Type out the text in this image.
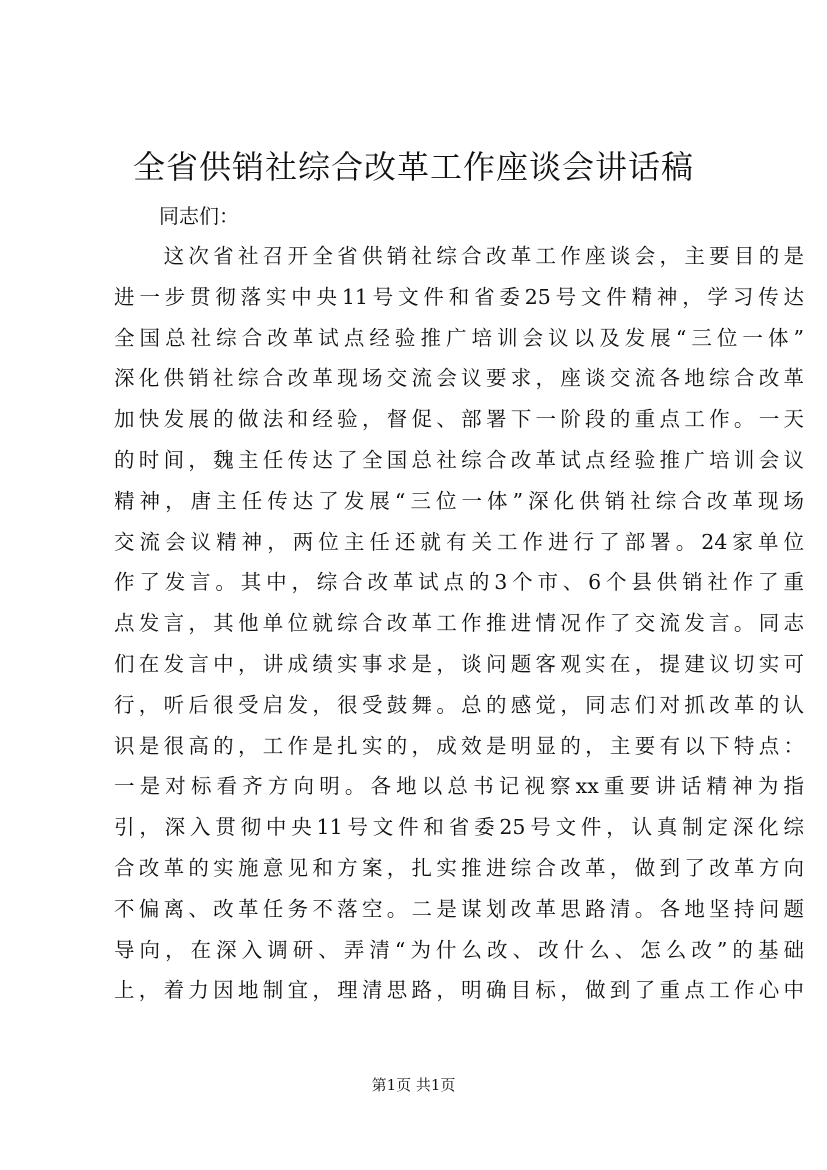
全省供销社综合改革工作座谈会讲话稿

同志们：

　　这次省社召开全省供销社综合改革工作座谈会，主要目的是
进一步贯彻落实中央11号文件和省委25号文件精神，学习传达
全国总社综合改革试点经验推广培训会议以及发展“三位一体”
深化供销社综合改革现场交流会议要求，座谈交流各地综合改革
加快发展的做法和经验，督促、部署下一阶段的重点工作。一天
的时间，魏主任传达了全国总社综合改革试点经验推广培训会议
精神，唐主任传达了发展“三位一体”深化供销社综合改革现场
交流会议精神，两位主任还就有关工作进行了部署。24家单位
作了发言。其中，综合改革试点的3个市、6个县供销社作了重
点发言，其他单位就综合改革工作推进情况作了交流发言。同志
们在发言中，讲成绩实事求是，谈问题客观实在，提建议切实可
行，听后很受启发，很受鼓舞。总的感觉，同志们对抓改革的认
识是很高的，工作是扎实的，成效是明显的，主要有以下特点：
一是对标看齐方向明。各地以总书记视察xx重要讲话精神为指
引，深入贯彻中央11号文件和省委25号文件，认真制定深化综
合改革的实施意见和方案，扎实推进综合改革，做到了改革方向
不偏离、改革任务不落空。二是谋划改革思路清。各地坚持问题
导向，在深入调研、弄清“为什么改、改什么、怎么改”的基础
上，着力因地制宜，理清思路，明确目标，做到了重点工作心中
第1页 共1页
